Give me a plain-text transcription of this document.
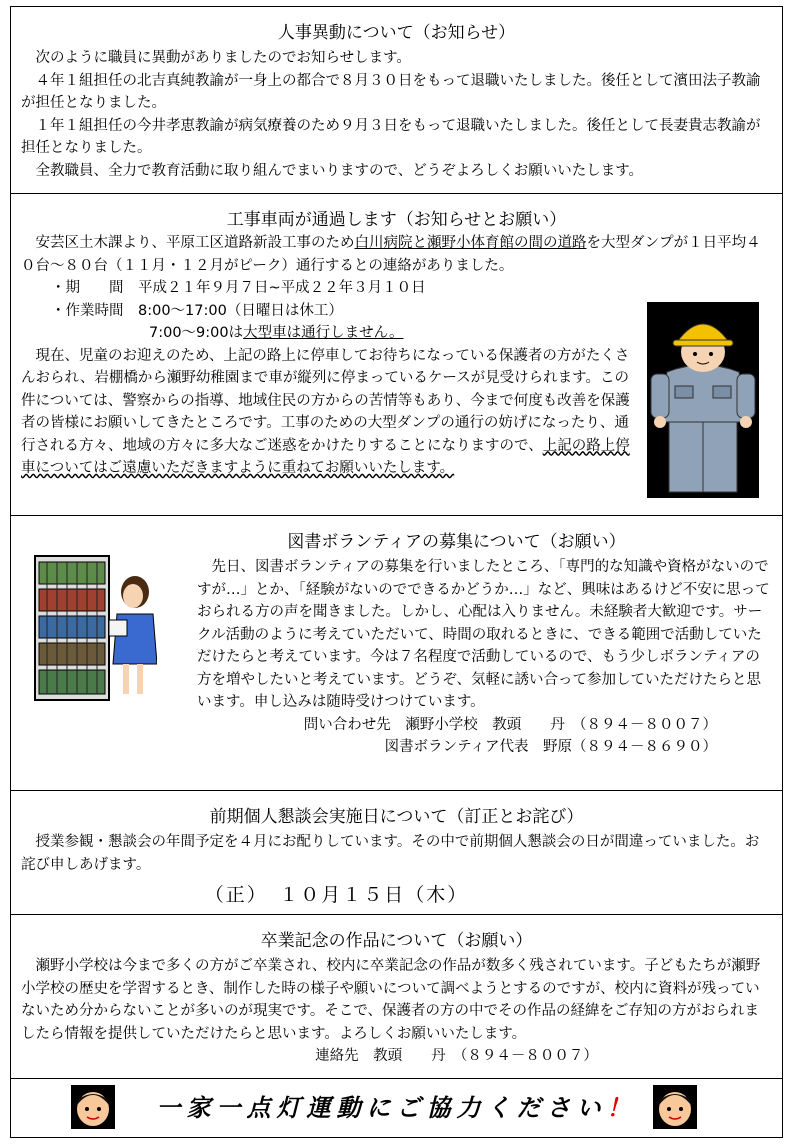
人事異動について（お知らせ）

次のように職員に異動がありましたのでお知らせします。

４年１組担任の北吉真純教諭が一身上の都合で８月３０日をもって退職いたしました。後任として濱田法子教諭が担任となりました。

１年１組担任の今井孝恵教諭が病気療養のため９月３日をもって退職いたしました。後任として長妻貴志教諭が担任となりました。

全教職員、全力で教育活動に取り組んでまいりますので、どうぞよろしくお願いいたします。

工事車両が通過します（お知らせとお願い）

安芸区土木課より、平原工区道路新設工事のため白川病院と瀬野小体育館の間の道路を大型ダンプが１日平均４０台～８０台（１１月・１２月がピーク）通行するとの連絡がありました。

・期　　間　平成２１年９月７日~平成２２年３月１０日

・作業時間　8:00～17:00（日曜日は休工）

7:00～9:00は大型車は通行しません。

現在、児童のお迎えのため、上記の路上に停車してお待ちになっている保護者の方がたくさんおられ、岩棚橋から瀬野幼稚園まで車が縦列に停まっているケースが見受けられます。この件については、警察からの指導、地域住民の方からの苦情等もあり、今まで何度も改善を保護者の皆様にお願いしてきたところです。工事のための大型ダンプの通行の妨げになったり、通行される方々、地域の方々に多大なご迷惑をかけたりすることになりますので、上記の路上停車についてはご遠慮いただきますように重ねてお願いいたします。

図書ボランティアの募集について（お願い）

先日、図書ボランティアの募集を行いましたところ、「専門的な知識や資格がないのですが…」とか、「経験がないのでできるかどうか…」など、興味はあるけど不安に思っておられる方の声を聞きました。しかし、心配は入りません。未経験者大歓迎です。サークル活動のように考えていただいて、時間の取れるときに、できる範囲で活動していただけたらと考えています。今は７名程度で活動しているので、もう少しボランティアの方を増やしたいと考えています。どうぞ、気軽に誘い合って参加していただけたらと思います。申し込みは随時受けつけています。

問い合わせ先　瀬野小学校　教頭　　丹　（８９４－８００７）
図書ボランティア代表　野原（８９４－８６９０）
前期個人懇談会実施日について（訂正とお詫び）

授業参観・懇談会の年間予定を４月にお配りしています。その中で前期個人懇談会の日が間違っていました。お詫び申しあげます。

（正）　１０月１５日（木）
卒業記念の作品について（お願い）

瀬野小学校は今まで多くの方がご卒業され、校内に卒業記念の作品が数多く残されています。子どもたちが瀬野小学校の歴史を学習するとき、制作した時の様子や願いについて調べようとするのですが、校内に資料が残っていないため分からないことが多いのが現実です。そこで、保護者の方の中でその作品の経緯をご存知の方がおられましたら情報を提供していただけたらと思います。よろしくお願いいたします。

連絡先　教頭　　丹　（８９４－８００７）
一家一点灯運動にご協力ください！
